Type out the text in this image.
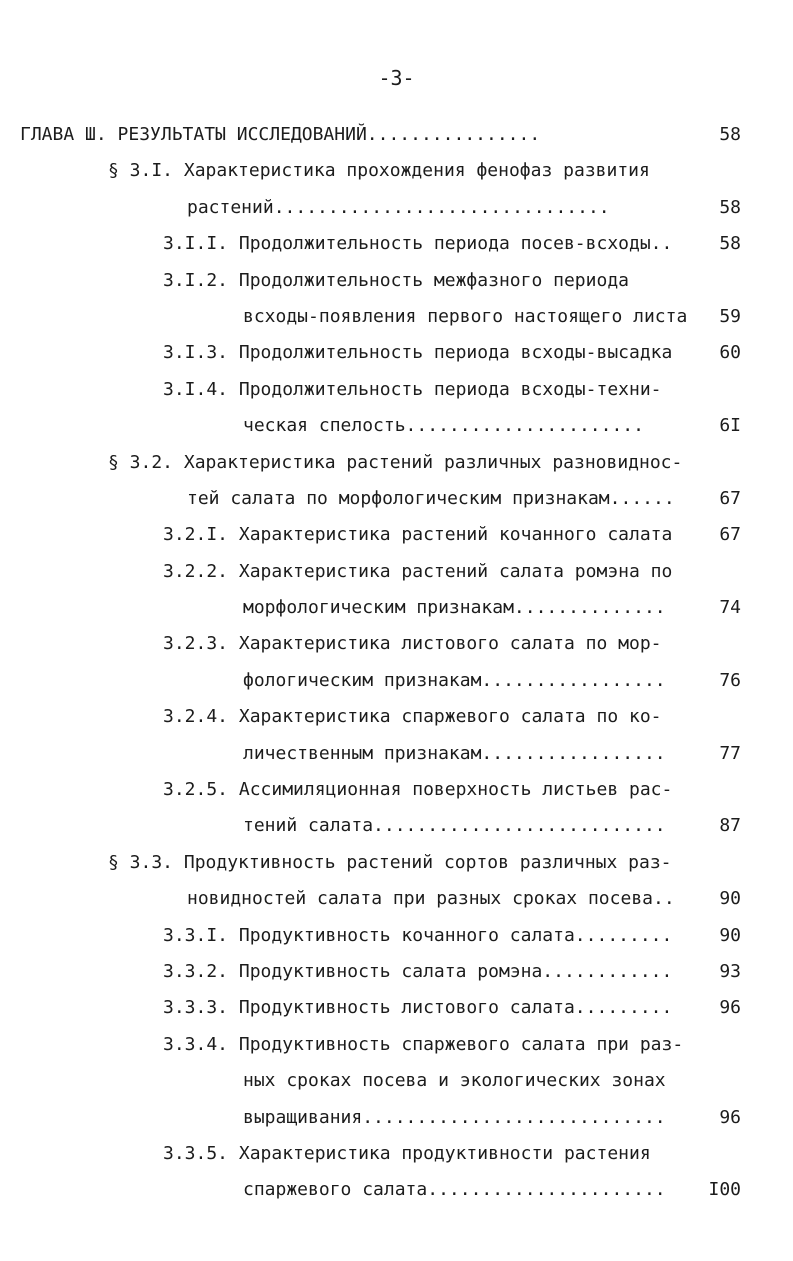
-3-
ГЛАВА Ш. РЕЗУЛЬТАТЫ ИССЛЕДОВАНИЙ................	58
§ 3.I. Характеристика прохождения фенофаз развития
растений...............................	58
3.I.I. Продолжительность периода посев-всходы..	58
3.I.2. Продолжительность межфазного периода
всходы-появления первого настоящего листа 59
3.I.3. Продолжительность периода всходы-высадка	60
3.I.4. Продолжительность периода всходы-техни-
ческая спелость......................	6I
§ 3.2. Характеристика растений различных разновиднос-
тей салата по морфологическим признакам...... 67
3.2.I. Характеристика растений кочанного салата	67
3.2.2. Характеристика растений салата ромэна по
морфологическим признакам..............	74
3.2.3. Характеристика листового салата по мор-
фологическим признакам.................	76
3.2.4. Характеристика спаржевого салата по ко-
личественным признакам.................	77
3.2.5. Ассимиляционная поверхность листьев рас-
тений салата...........................	87
§ 3.3. Продуктивность растений сортов различных раз-
новидностей салата при разных сроках посева.. 90
3.3.I. Продуктивность кочанного салата.........	90
3.3.2. Продуктивность салата ромэна............	93
3.3.3. Продуктивность листового салата.........	96
3.3.4. Продуктивность спаржевого салата при раз-
ных сроках посева и экологических зонах
выращивания............................	96
3.3.5. Характеристика продуктивности растения
спаржевого салата...................... I00
